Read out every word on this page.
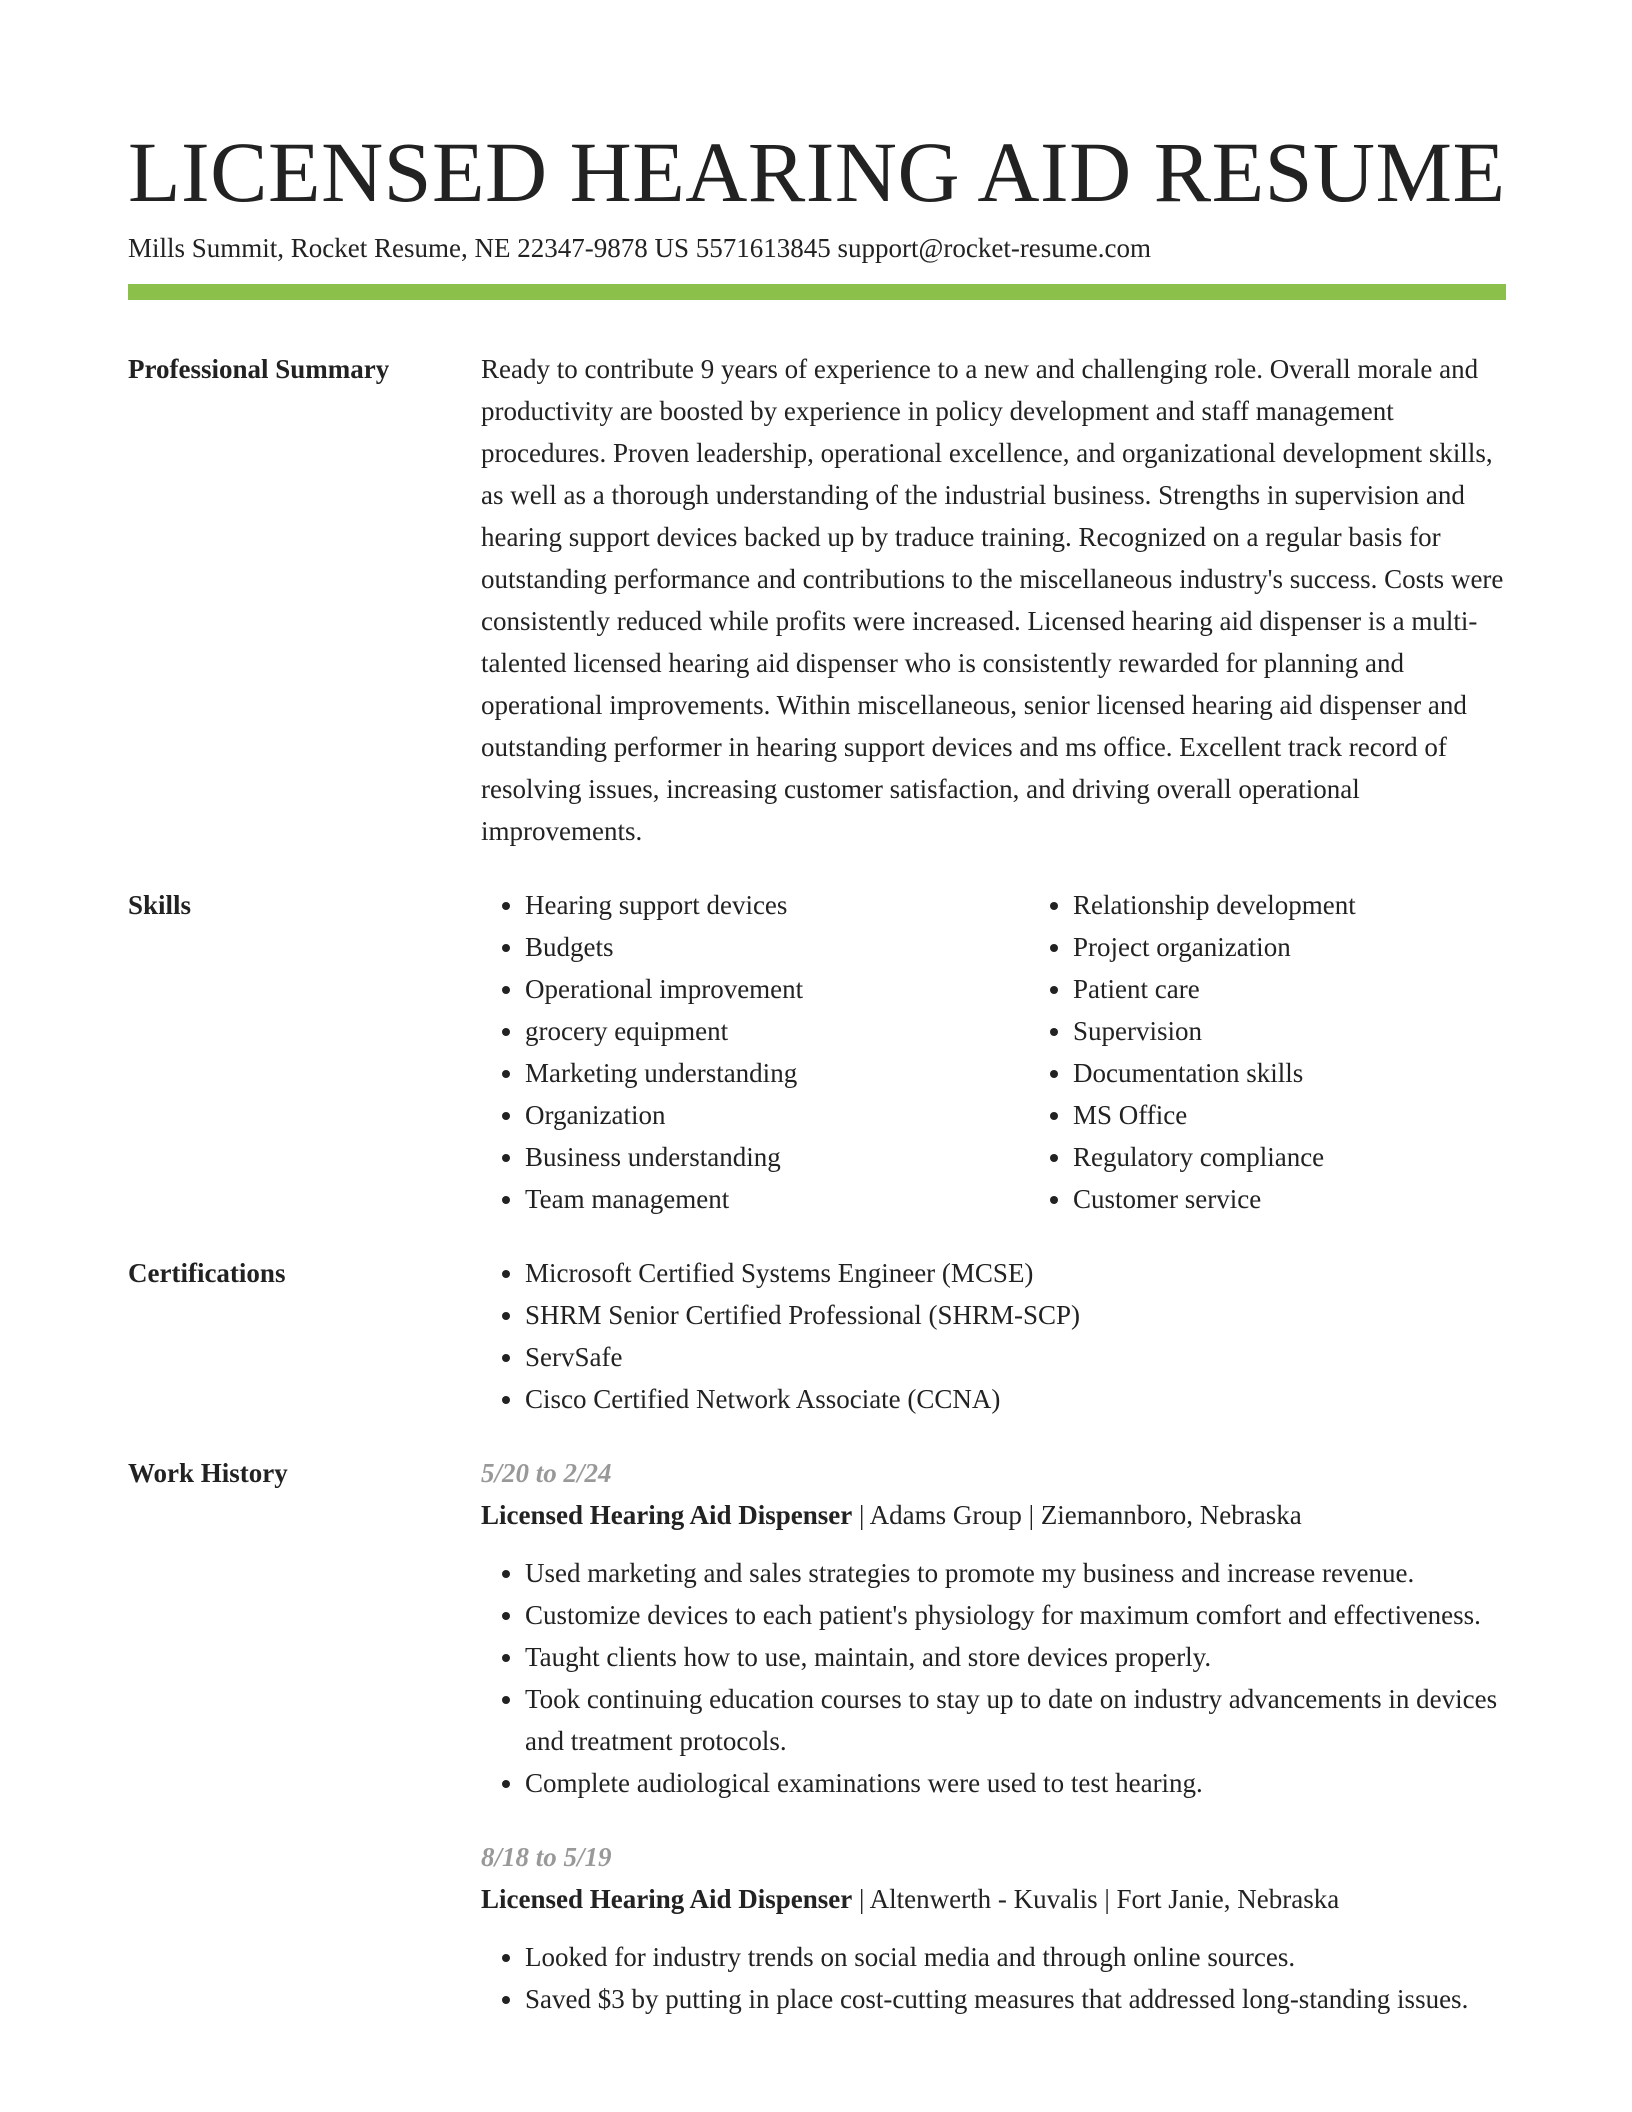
LICENSED HEARING AID RESUME
Mills Summit, Rocket Resume, NE 22347-9878 US 5571613845 support@rocket-resume.com
Professional Summary	Ready to contribute 9 years of experience to a new and challenging role. Overall morale and productivity are boosted by experience in policy development and staff management procedures. Proven leadership, operational excellence, and organizational development skills, as well as a thorough understanding of the industrial business. Strengths in supervision and hearing support devices backed up by traduce training. Recognized on a regular basis for outstanding performance and contributions to the miscellaneous industry's success. Costs were consistently reduced while profits were increased. Licensed hearing aid dispenser is a multi-talented licensed hearing aid dispenser who is consistently rewarded for planning and operational improvements. Within miscellaneous, senior licensed hearing aid dispenser and outstanding performer in hearing support devices and ms office. Excellent track record of resolving issues, increasing customer satisfaction, and driving overall operational improvements.

Skills	• Hearing support devices
• Budgets
• Operational improvement
• grocery equipment
• Marketing understanding
• Organization
• Business understanding
• Team management
• Relationship development
• Project organization
• Patient care
• Supervision
• Documentation skills
• MS Office
• Regulatory compliance
• Customer service
Certifications	• Microsoft Certified Systems Engineer (MCSE)
• SHRM Senior Certified Professional (SHRM-SCP)
• ServSafe
• Cisco Certified Network Associate (CCNA)
Work History	5/20 to 2/24

Licensed Hearing Aid Dispenser | Adams Group | Ziemannboro, Nebraska

• Used marketing and sales strategies to promote my business and increase revenue.
• Customize devices to each patient's physiology for maximum comfort and effectiveness.
• Taught clients how to use, maintain, and store devices properly.
• Took continuing education courses to stay up to date on industry advancements in devices and treatment protocols.
• Complete audiological examinations were used to test hearing.
8/18 to 5/19

Licensed Hearing Aid Dispenser | Altenwerth - Kuvalis | Fort Janie, Nebraska

• Looked for industry trends on social media and through online sources.
• Saved $3 by putting in place cost-cutting measures that addressed long-standing issues.
